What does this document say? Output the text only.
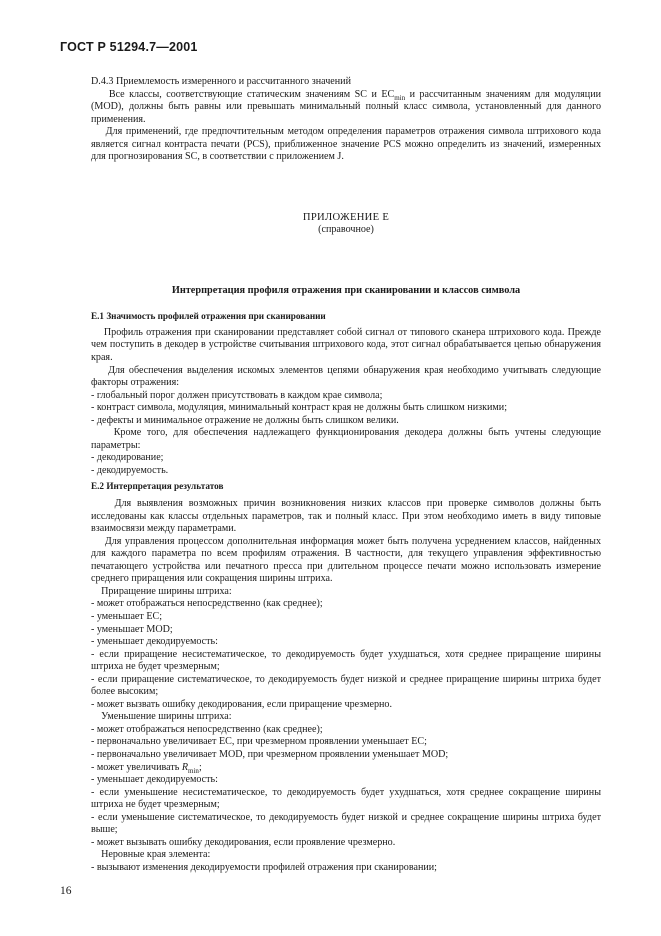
ГОСТ Р 51294.7—2001

D.4.3 Приемлемость измеренного и рассчитанного значений

Все классы, соответствующие статическим значениям SC и $EC_{min}$ и рассчитанным значениям для модуляции (MOD), должны быть равны или превышать минимальный полный класс символа, установленный для данного применения.

Для применений, где предпочтительным методом определения параметров отражения символа штрихового кода является сигнал контраста печати (PCS), приближенное значение PCS можно определить из значений, измеренных для прогнозирования SC, в соответствии с приложением J.

ПРИЛОЖЕНИЕ Е
(справочное)
Интерпретация профиля отражения при сканировании и классов символа
Е.1 Значимость профилей отражения при сканировании

Профиль отражения при сканировании представляет собой сигнал от типового сканера штрихового кода. Прежде чем поступить в декодер в устройстве считывания штрихового кода, этот сигнал обрабатывается цепью обнаружения края.

Для обеспечения выделения искомых элементов цепями обнаружения края необходимо учитывать следующие факторы отражения:

- глобальный порог должен присутствовать в каждом крае символа;

- контраст символа, модуляция, минимальный контраст края не должны быть слишком низкими;

- дефекты и минимальное отражение не должны быть слишком велики.

Кроме того, для обеспечения надлежащего функционирования декодера должны быть учтены следующие параметры:

- декодирование;

- декодируемость.

Е.2 Интерпретация результатов

Для выявления возможных причин возникновения низких классов при проверке символов должны быть исследованы как классы отдельных параметров, так и полный класс. При этом необходимо иметь в виду типовые взаимосвязи между параметрами.

Для управления процессом дополнительная информация может быть получена усреднением классов, найденных для каждого параметра по всем профилям отражения. В частности, для текущего управления эффективностью печатающего устройства или печатного пресса при длительном процессе печати можно использовать измерение среднего приращения или сокращения ширины штриха.

Приращение ширины штриха:

- может отображаться непосредственно (как среднее);

- уменьшает EC;

- уменьшает MOD;

- уменьшает декодируемость:

- если приращение несистематическое, то декодируемость будет ухудшаться, хотя среднее приращение ширины штриха не будет чрезмерным;

- если приращение систематическое, то декодируемость будет низкой и среднее приращение ширины штриха будет более высоким;

- может вызвать ошибку декодирования, если приращение чрезмерно.

Уменьшение ширины штриха:

- может отображаться непосредственно (как среднее);

- первоначально увеличивает EC, при чрезмерном проявлении уменьшает EC;

- первоначально увеличивает MOD, при чрезмерном проявлении уменьшает MOD;

- может увеличивать $R_{min}$;

- уменьшает декодируемость:

- если уменьшение несистематическое, то декодируемость будет ухудшаться, хотя среднее сокращение ширины штриха не будет чрезмерным;

- если уменьшение систематическое, то декодируемость будет низкой и среднее сокращение ширины штриха будет выше;

- может вызывать ошибку декодирования, если проявление чрезмерно.

Неровные края элемента:

- вызывают изменения декодируемости профилей отражения при сканировании;

16
